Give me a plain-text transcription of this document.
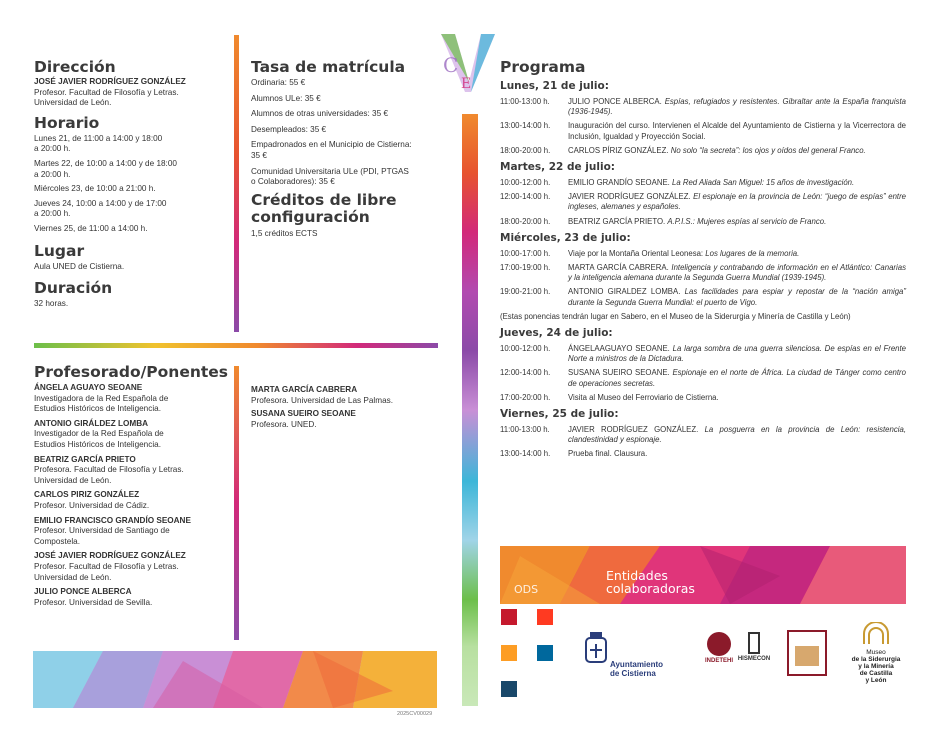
Dirección
JOSÉ JAVIER RODRÍGUEZ GONZÁLEZ
Profesor. Facultad de Filosofía y Letras.
Universidad de León.
Horario
Lunes 21, de 11:00 a 14:00 y 18:00
a 20:00 h.
Martes 22, de 10:00 a 14:00 y de 18:00
a 20:00 h.
Miércoles 23, de 10:00 a 21:00 h.
Jueves 24, 10:00 a 14:00 y de 17:00
a 20:00 h.
Viernes 25, de 11:00 a 14:00 h.
Lugar
Aula UNED de Cistierna.
Duración
32 horas.
Tasa de matrícula
Ordinaria: 55 €
Alumnos ULe: 35 €
Alumnos de otras universidades: 35 €
Desempleados: 35 €
Empadronados en el Municipio de Cistierna:
35 €
Comunidad Universitaria ULe (PDI, PTGAS
o Colaboradores): 35 €
Créditos de libre
configuración
1,5 créditos ECTS
Profesorado/Ponentes
ÁNGELA AGUAYO SEOANE
Investigadora de la Red Española de
Estudios Históricos de Inteligencia.
ANTONIO GIRÁLDEZ LOMBA
Investigador de la Red Española de
Estudios Históricos de Inteligencia.
BEATRIZ GARCÍA PRIETO
Profesora. Facultad de Filosofía y Letras.
Universidad de León.
CARLOS PIRIZ GONZÁLEZ
Profesor. Universidad de Cádiz.
EMILIO FRANCISCO GRANDÍO SEOANE
Profesor. Universidad de Santiago de
Compostela.
JOSÉ JAVIER RODRÍGUEZ GONZÁLEZ
Profesor. Facultad de Filosofía y Letras.
Universidad de León.
JULIO PONCE ALBERCA
Profesor. Universidad de Sevilla.
MARTA GARCÍA CABRERA
Profesora. Universidad de Las Palmas.
SUSANA SUEIRO SEOANE
Profesora. UNED.
2025CV00029
C
E
Programa
Lunes, 21 de julio:
11:00-13:00 h.	JULIO PONCE ALBERCA. Espías, refugiados y resistentes. Gibraltar ante la España franquista (1936-1945).
13:00-14:00 h.	Inauguración del curso. Intervienen el Alcalde del Ayuntamiento de Cistierna y la Vicerrectora de Inclusión, Igualdad y Proyección Social.
18:00-20:00 h.	CARLOS PÍRIZ GONZÁLEZ. No solo “la secreta”: los ojos y oídos del general Franco.
Martes, 22 de julio:
10:00-12:00 h.	EMILIO GRANDÍO SEOANE. La Red Aliada San Miguel: 15 años de investigación.
12:00-14:00 h.	JAVIER RODRÍGUEZ GONZÁLEZ. El espionaje en la provincia de León: “juego de espías” entre ingleses, alemanes y españoles.
18:00-20:00 h.	BEATRIZ GARCÍA PRIETO. A.P.I.S.: Mujeres espías al servicio de Franco.
Miércoles, 23 de julio:
10:00-17:00 h.	Viaje por la Montaña Oriental Leonesa: Los lugares de la memoria.
17:00-19:00 h.	MARTA GARCÍA CABRERA. Inteligencia y contrabando de información en el Atlántico: Canarias y la inteligencia alemana durante la Segunda Guerra Mundial (1939-1945).
19:00-21:00 h.	ANTONIO GIRALDEZ LOMBA. Las facilidades para espiar y repostar de la “nación amiga” durante la Segunda Guerra Mundial: el puerto de Vigo.
(Estas ponencias tendrán lugar en Sabero, en el Museo de la Siderurgia y Minería de Castilla y León)
Jueves, 24 de julio:
10:00-12:00 h.	ÁNGELAAGUAYO SEOANE. La larga sombra de una guerra silenciosa. De espías en el Frente Norte a ministros de la Dictadura.
12:00-14:00 h.	SUSANA SUEIRO SEOANE. Espionaje en el norte de África. La ciudad de Tánger como centro de operaciones secretas.
17:00-20:00 h.	Visita al Museo del Ferroviario de Cistierna.
Viernes, 25 de julio:
11:00-13:00 h.	JAVIER RODRÍGUEZ GONZÁLEZ. La posguerra en la provincia de León: resistencia, clandestinidad y espionaje.
13:00-14:00 h.	Prueba final. Clausura.
ODS
Entidades
colaboradoras
Ayuntamiento
de Cistierna
INDETEHI HISMECON
Museo
de la Siderurgia
y la Minería
de Castilla
y León
